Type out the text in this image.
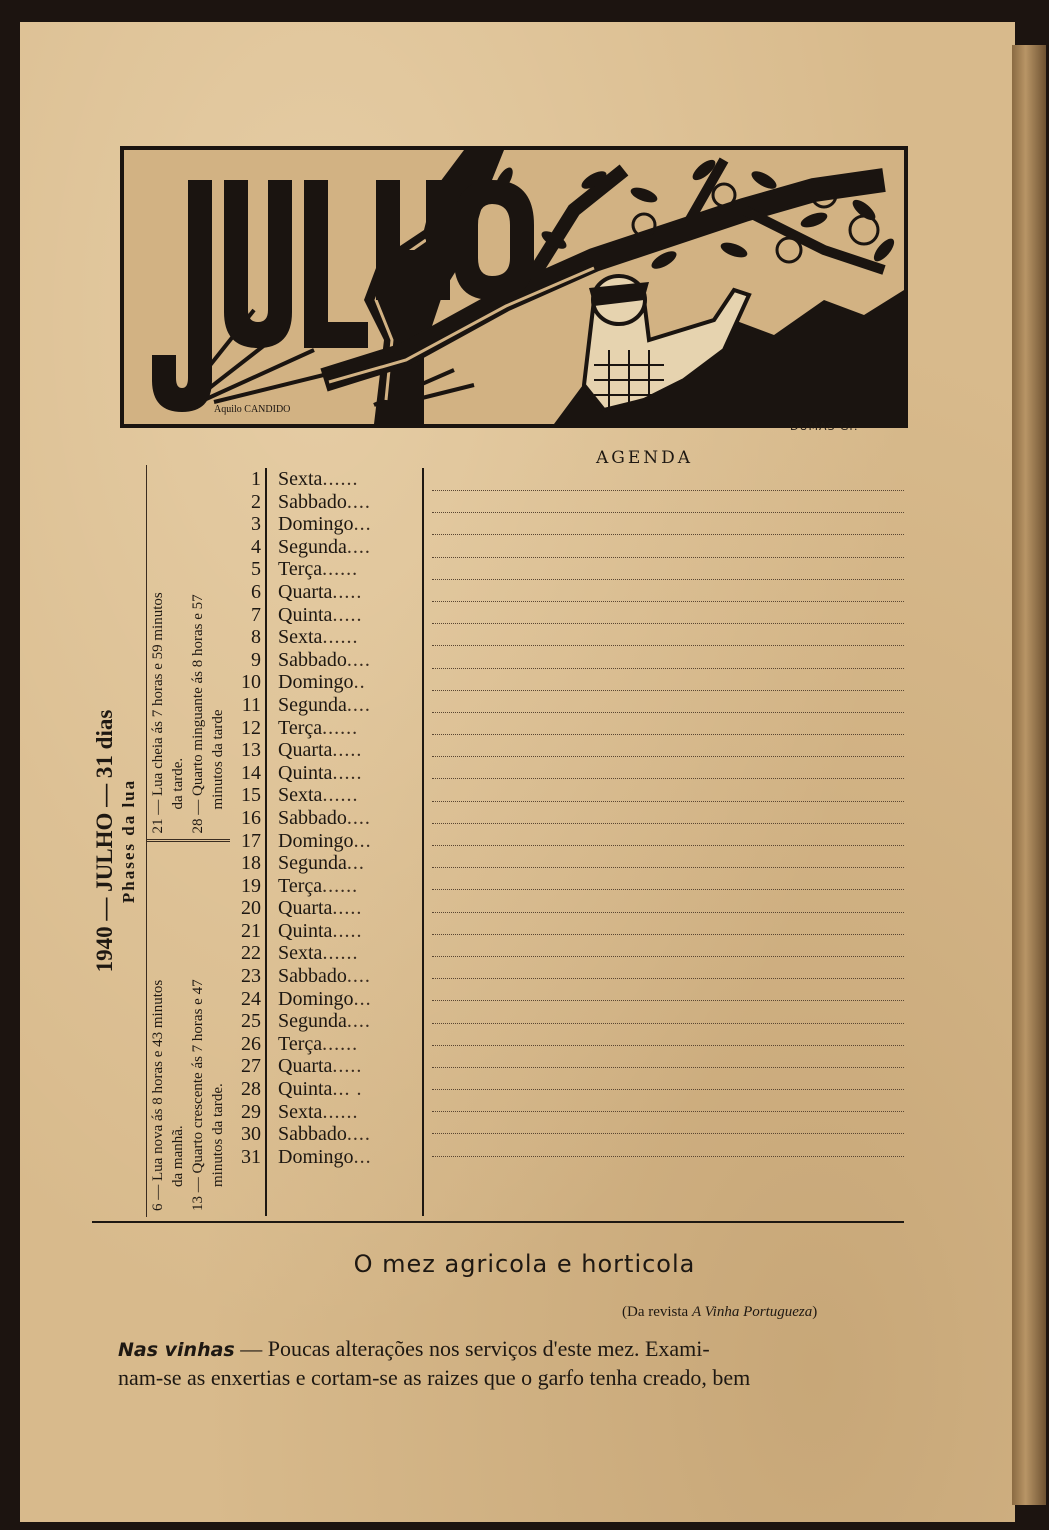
Aquilo CANDIDO
DUMAS Gr.
AGENDA
1940 — JULHO — 31 dias Phases da lua
6 — Lua nova ás 8 horas e 43 minutos da manhã. 13 — Quarto crescente ás 7 horas e 47 minutos da tarde.
21 — Lua cheia ás 7 horas e 59 minutos da tarde. 28 — Quarto minguante ás 8 horas e 57 minutos da tarde
1 Sexta......
2 Sabbado....
3 Domingo...
4 Segunda....
5 Terça......
6 Quarta.....
7 Quinta.....
8 Sexta......
9 Sabbado....
10 Domingo..
11 Segunda....
12 Terça......
13 Quarta.....
14 Quinta.....
15 Sexta......
16 Sabbado....
17 Domingo...
18 Segunda...
19 Terça......
20 Quarta.....
21 Quinta.....
22 Sexta......
23 Sabbado....
24 Domingo...
25 Segunda....
26 Terça......
27 Quarta.....
28 Quinta... .
29 Sexta......
30 Sabbado....
31 Domingo...
O mez agricola e horticola
(Da revista A Vinha Portugueza)
Nas vinhas — Poucas alterações nos serviços d'este mez. Exami-
nam-se as enxertias e cortam-se as raizes que o garfo tenha creado, bem
